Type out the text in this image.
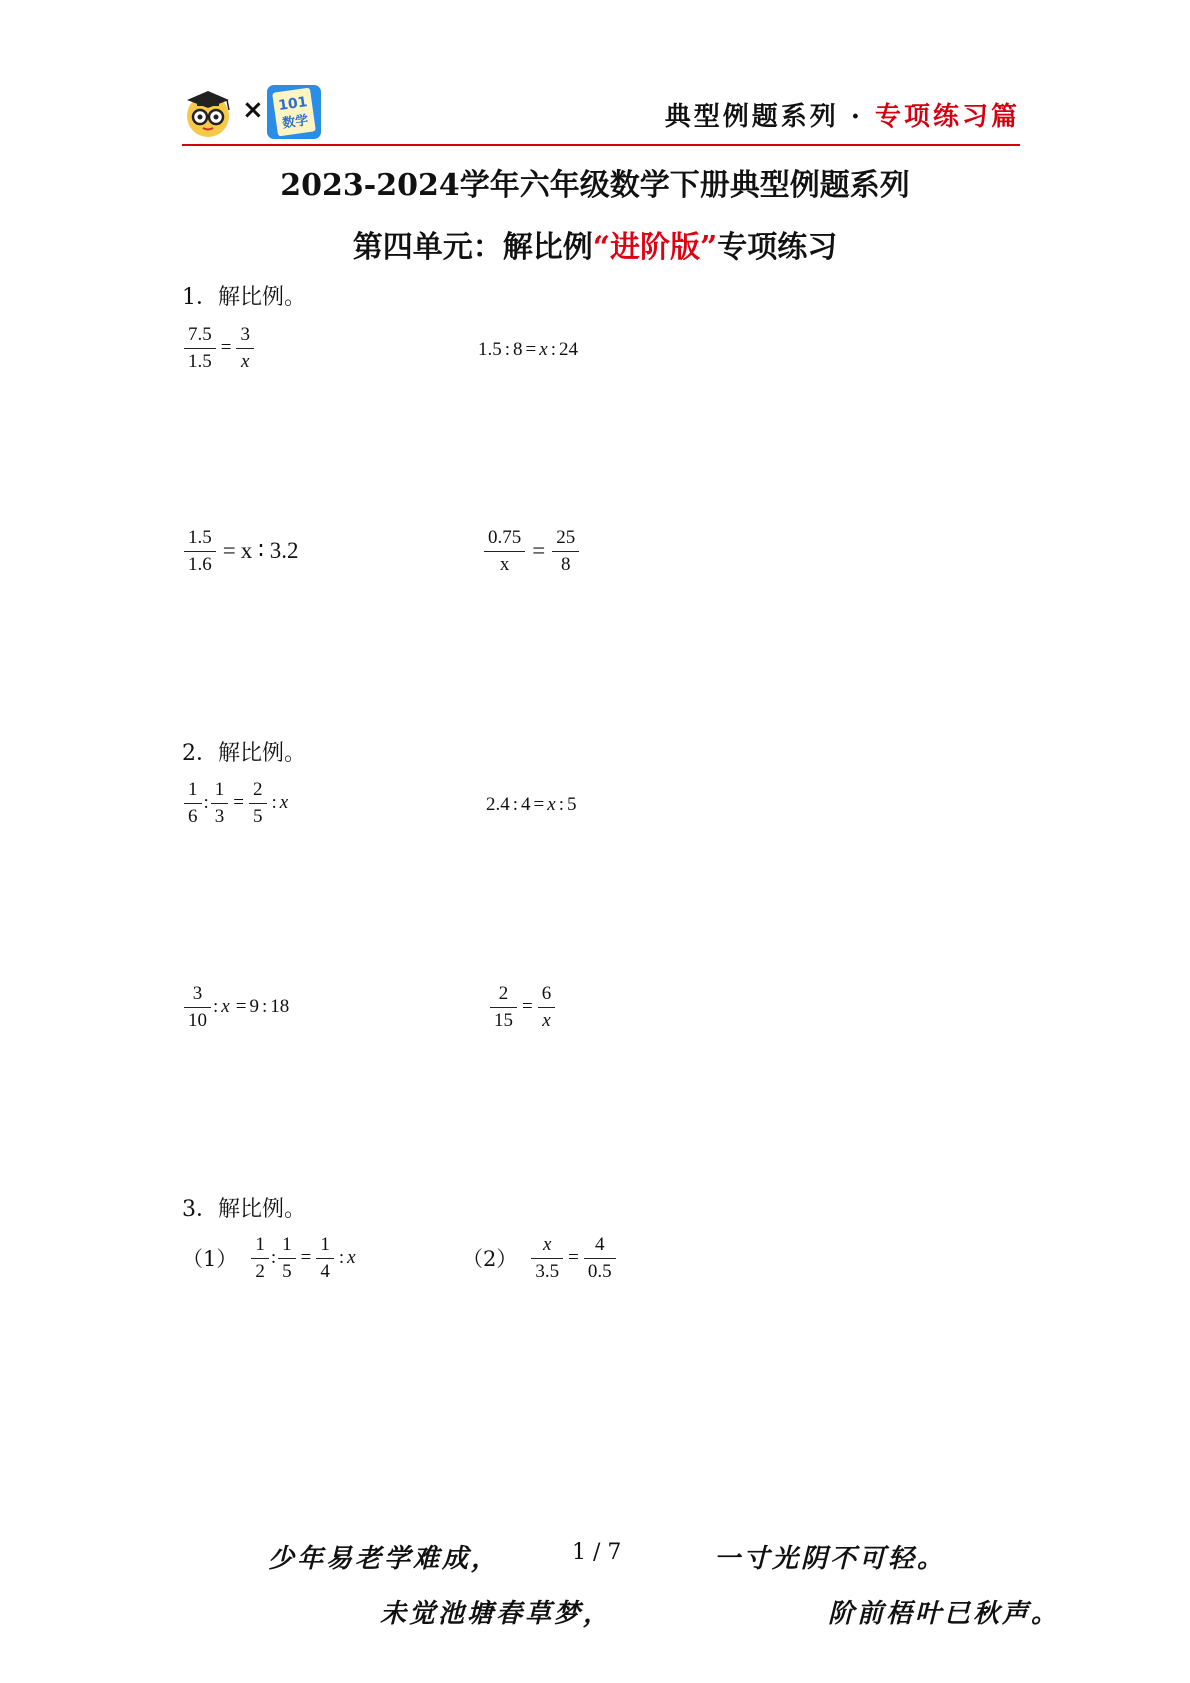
× 101
数学	典型例题系列 · 专项练习篇
2023-2024学年六年级数学下册典型例题系列
第四单元：解比例“进阶版”专项练习
1．解比例。
$\frac{7.5}{1.5} = \frac{3}{x}$	1.5 : 8 = x : 24
$\frac{1.5}{1.6} = x$ ∶ 3.2	$\frac{0.75}{x} = \frac{25}{8}$
2．解比例。
$\frac{1}{6}$ : $\frac{1}{3} = \frac{2}{5}$ : x	2.4 : 4 = x : 5
$\frac{3}{10}$ : x = 9 : 18	$\frac{2}{15} = \frac{6}{x}$
3．解比例。
$(1) \frac{1}{2}$ : $\frac{1}{5} = \frac{1}{4}$ : x	$(2) \frac{x}{3.5} = \frac{4}{0.5}$
少年易老学难成，	1 / 7	一寸光阴不可轻。
未觉池塘春草梦，	阶前梧叶已秋声。
